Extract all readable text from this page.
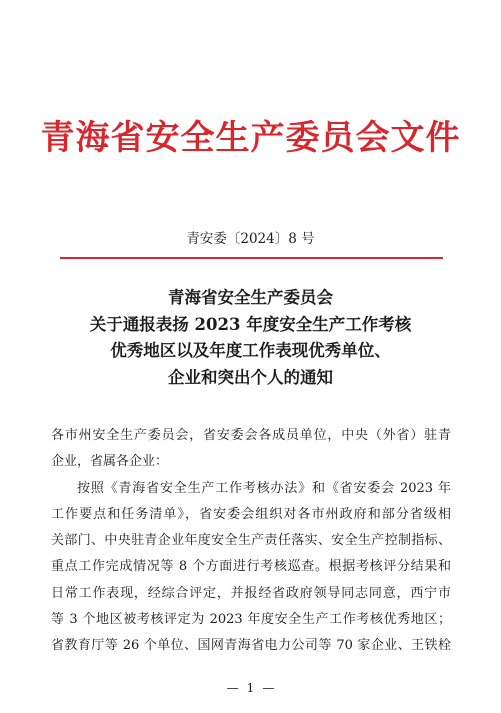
青海省安全生产委员会文件
青安委〔2024〕8 号
青海省安全生产委员会
关于通报表扬 2023 年度安全生产工作考核
优秀地区以及年度工作表现优秀单位、
企业和突出个人的通知
各市州安全生产委员会，省安委会各成员单位，中央（外省）驻青
企业，省属各企业：
按照《青海省安全生产工作考核办法》和《省安委会 2023 年
工作要点和任务清单》，省安委会组织对各市州政府和部分省级相
关部门、中央驻青企业年度安全生产责任落实、安全生产控制指标、
重点工作完成情况等 8 个方面进行考核巡查。根据考核评分结果和
日常工作表现，经综合评定，并报经省政府领导同志同意，西宁市
等 3 个地区被考核评定为 2023 年度安全生产工作考核优秀地区；
省教育厅等 26 个单位、国网青海省电力公司等 70 家企业、王铁栓
— 1 —
